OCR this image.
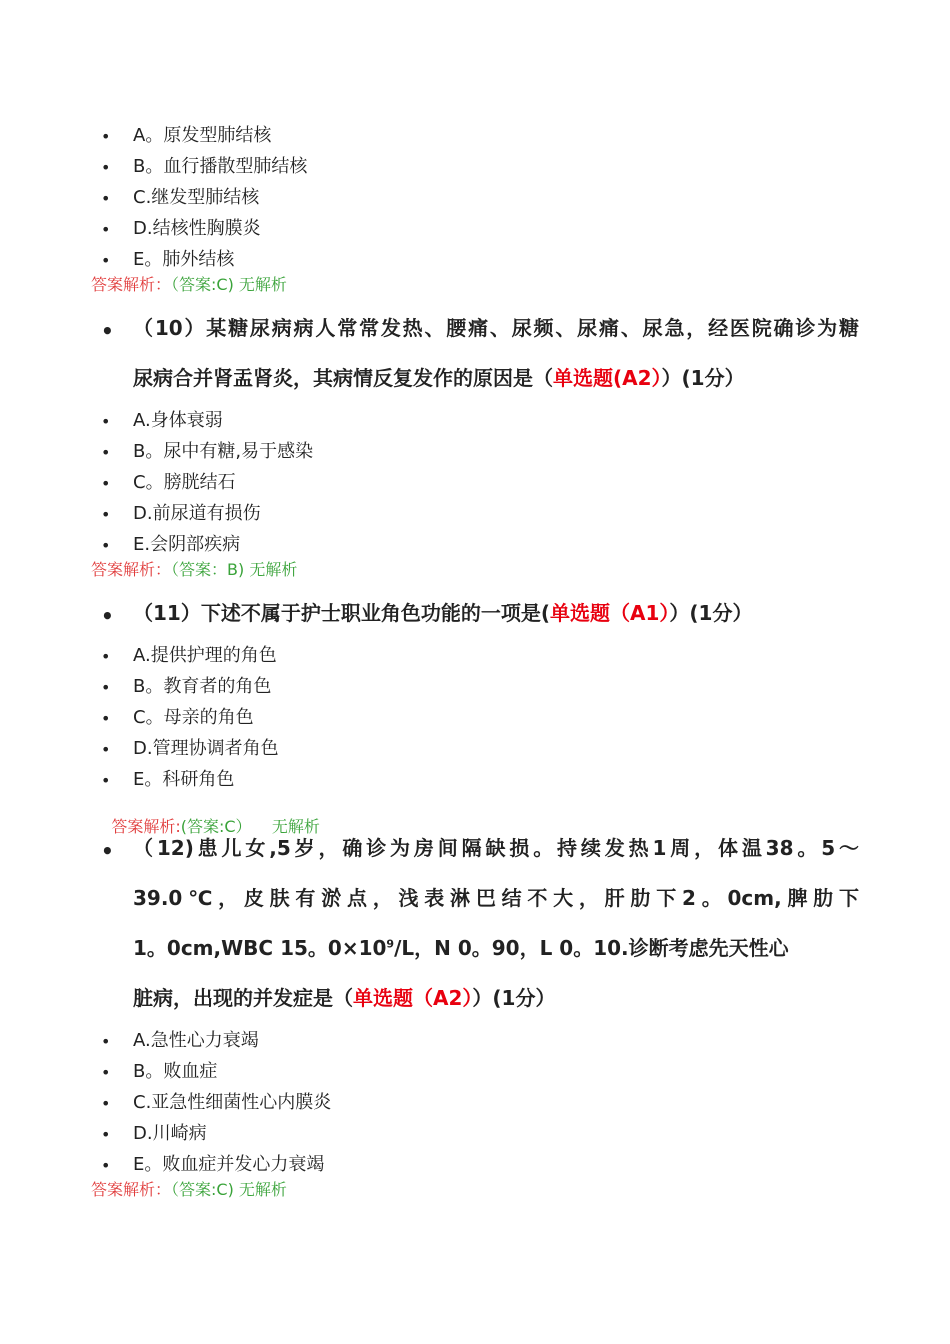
• A。原发型肺结核
• B。血行播散型肺结核
• C.继发型肺结核
• D.结核性胸膜炎
• E。肺外结核
答案解析：（答案:C) 无解析
• （10）某糖尿病病人常常发热、腰痛、尿频、尿痛、尿急，经医院确诊为糖
尿病合并肾盂肾炎，其病情反复发作的原因是（单选题(A2））(1分）
• A.身体衰弱
• B。尿中有糖,易于感染
• C。膀胱结石
• D.前尿道有损伤
• E.会阴部疾病
答案解析：（答案：B) 无解析
• （11）下述不属于护士职业角色功能的一项是(单选题（A1））(1分）
• A.提供护理的角色
• B。教育者的角色
• C。母亲的角色
• D.管理协调者角色
• E。科研角色

答案解析:(答案:C）    无解析

• （12)患儿女,5岁，确诊为房间隔缺损。持续发热1周，体温38。5～
39.0℃，皮肤有淤点，浅表淋巴结不大，肝肋下2。0cm,脾肋下
1。0cm,WBC 15。$0\times 10^9/L$，N 0。90，L 0。10.诊断考虑先天性心
脏病，出现的并发症是（单选题（A2））(1分）
• A.急性心力衰竭
• B。败血症
• C.亚急性细菌性心内膜炎
• D.川崎病
• E。败血症并发心力衰竭
答案解析：（答案:C) 无解析
